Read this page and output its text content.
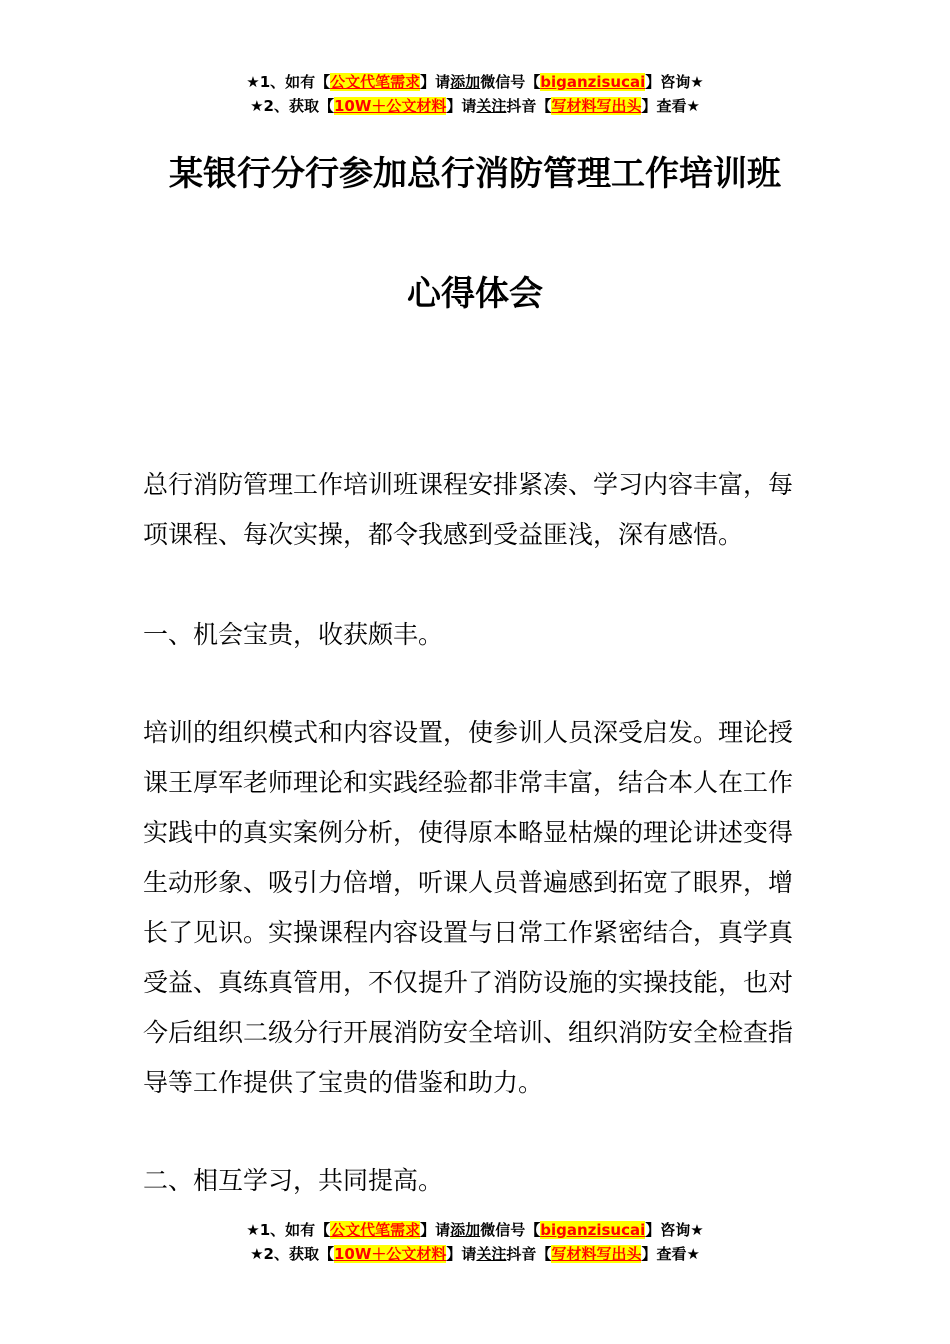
★1、如有【公文代笔需求】请添加微信号【biganzisucai】咨询★
★2、获取【10W＋公文材料】请关注抖音【写材料写出头】查看★
某银行分行参加总行消防管理工作培训班
心得体会

总行消防管理工作培训班课程安排紧凑、学习内容丰富，每项课程、每次实操，都令我感到受益匪浅，深有感悟。

一、机会宝贵，收获颇丰。

培训的组织模式和内容设置，使参训人员深受启发。理论授课王厚军老师理论和实践经验都非常丰富，结合本人在工作实践中的真实案例分析，使得原本略显枯燥的理论讲述变得生动形象、吸引力倍增，听课人员普遍感到拓宽了眼界，增长了见识。实操课程内容设置与日常工作紧密结合，真学真受益、真练真管用，不仅提升了消防设施的实操技能，也对今后组织二级分行开展消防安全培训、组织消防安全检查指导等工作提供了宝贵的借鉴和助力。

二、相互学习，共同提高。

★1、如有【公文代笔需求】请添加微信号【biganzisucai】咨询★
★2、获取【10W＋公文材料】请关注抖音【写材料写出头】查看★
